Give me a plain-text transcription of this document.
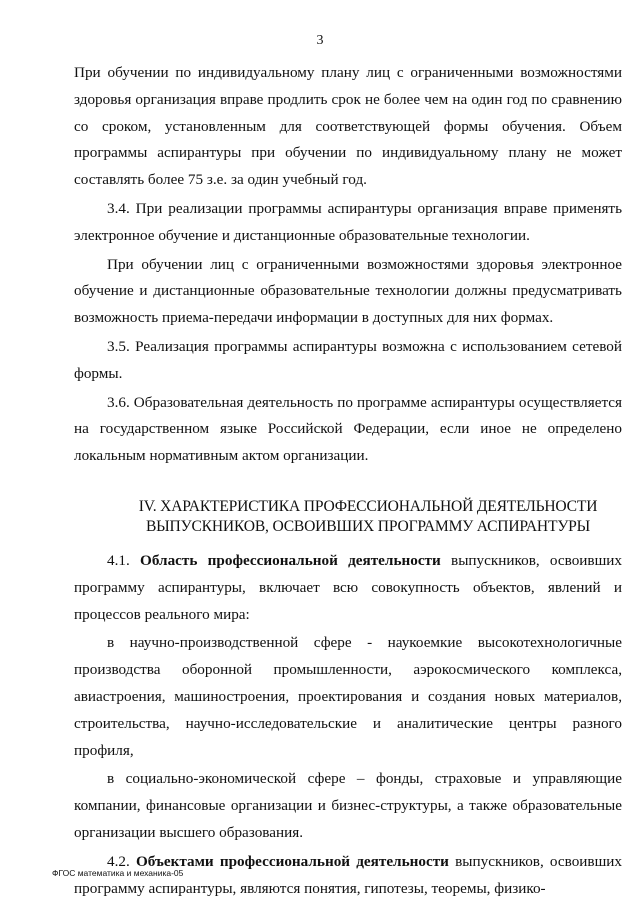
3

При обучении по индивидуальному плану лиц с ограниченными возможностями здоровья организация вправе продлить срок не более чем на один год по сравнению со сроком, установленным для соответствующей формы обучения. Объем программы аспирантуры при обучении по индивидуальному плану не может составлять более 75 з.е. за один учебный год.

3.4. При реализации программы аспирантуры организация вправе применять электронное обучение и дистанционные образовательные технологии.

При обучении лиц с ограниченными возможностями здоровья электронное обучение и дистанционные образовательные технологии должны предусматривать возможность приема-передачи информации в доступных для них формах.

3.5. Реализация программы аспирантуры возможна с использованием сетевой формы.

3.6. Образовательная деятельность по программе аспирантуры осуществляется на государственном языке Российской Федерации, если иное не определено локальным нормативным актом организации.

IV. ХАРАКТЕРИСТИКА ПРОФЕССИОНАЛЬНОЙ ДЕЯТЕЛЬНОСТИ

ВЫПУСКНИКОВ, ОСВОИВШИХ ПРОГРАММУ АСПИРАНТУРЫ

4.1. Область профессиональной деятельности выпускников, освоивших программу аспирантуры, включает всю совокупность объектов, явлений и процессов реального мира:

в научно-производственной сфере - наукоемкие высокотехнологичные производства оборонной промышленности, аэрокосмического комплекса, авиастроения, машиностроения, проектирования и создания новых материалов, строительства, научно-исследовательские и аналитические центры разного профиля,

в социально-экономической сфере – фонды, страховые и управляющие компании, финансовые организации и бизнес-структуры, а также образовательные организации высшего образования.

4.2. Объектами профессиональной деятельности выпускников, освоивших программу аспирантуры, являются понятия, гипотезы, теоремы, физико-

ФГОС математика и механика-05
